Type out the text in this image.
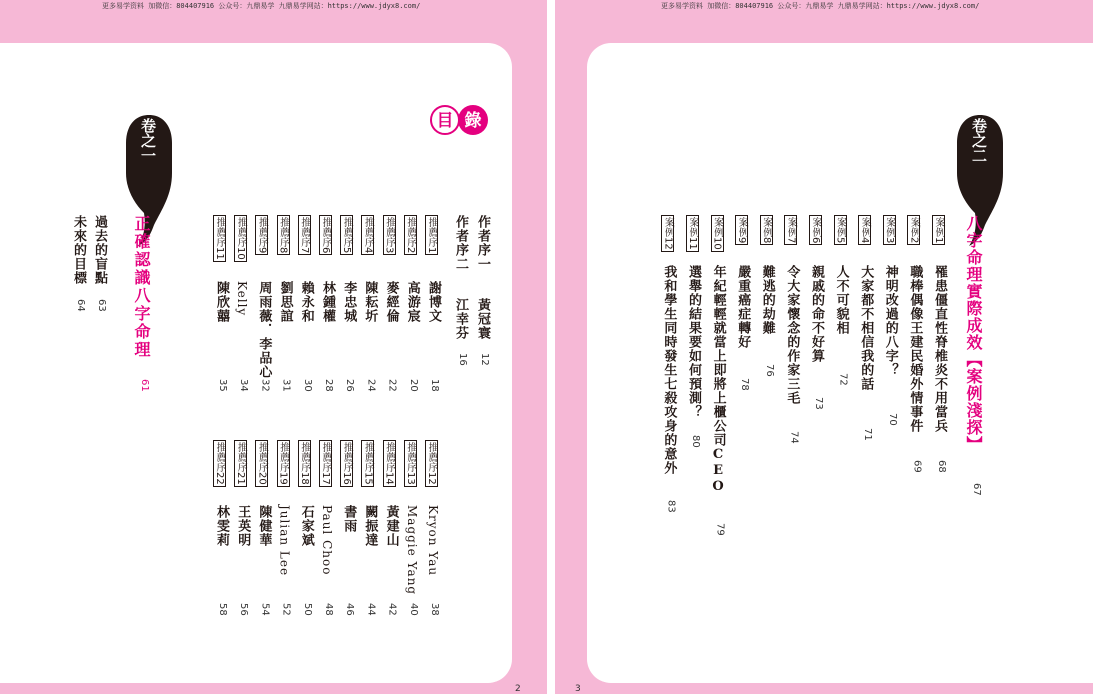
更多易学资料 加微信：804407916 公众号：九鼎易学 九鼎易学网站：https://www.jdyx8.com/
目 錄
卷之一
作者序一
黃冠寰
12
作者序二
江幸芬
16
推薦序1
謝博文
18
推薦序2
高游宸
20
推薦序3
麥經倫
22
推薦序4
陳耘圻
24
推薦序5
李忠城
26
推薦序6
林鍾權
28
推薦序7
賴永和
30
推薦序8
劉思誼
31
推薦序9
周雨薇．李品心
32
推薦序10
Kelly
34
推薦序11
陳欣囍
35
推薦序12
Kryon Yau
38
推薦序13
Maggie Yang
40
推薦序14
黃建山
42
推薦序15
闕振達
44
推薦序16
書雨
46
推薦序17
Paul Choo
48
推薦序18
石家斌
50
推薦序19
Julian Lee
52
推薦序20
陳健華
54
推薦序21
王英明
56
推薦序22
林雯莉
58
正確認識八字命理
61
過去的盲點
63
未來的目標
64
2
更多易学资料 加微信：804407916 公众号：九鼎易学 九鼎易学网站：https://www.jdyx8.com/
卷之二
八字命理實際成效【案例淺探】
67
案例1
罹患僵直性脊椎炎不用當兵
68
案例2
職棒偶像王建民婚外情事件
69
案例3
神明改過的八字？
70
案例4
大家都不相信我的話
71
案例5
人不可貌相
72
案例6
親戚的命不好算
73
案例7
令大家懷念的作家三毛
74
案例8
難逃的劫難
76
案例9
嚴重癌症轉好
78
案例10
年紀輕輕就當上即將上櫃公司CEO
79
案例11
選舉的結果要如何預測？
80
案例12
我和學生同時發生七殺攻身的意外
83
3
